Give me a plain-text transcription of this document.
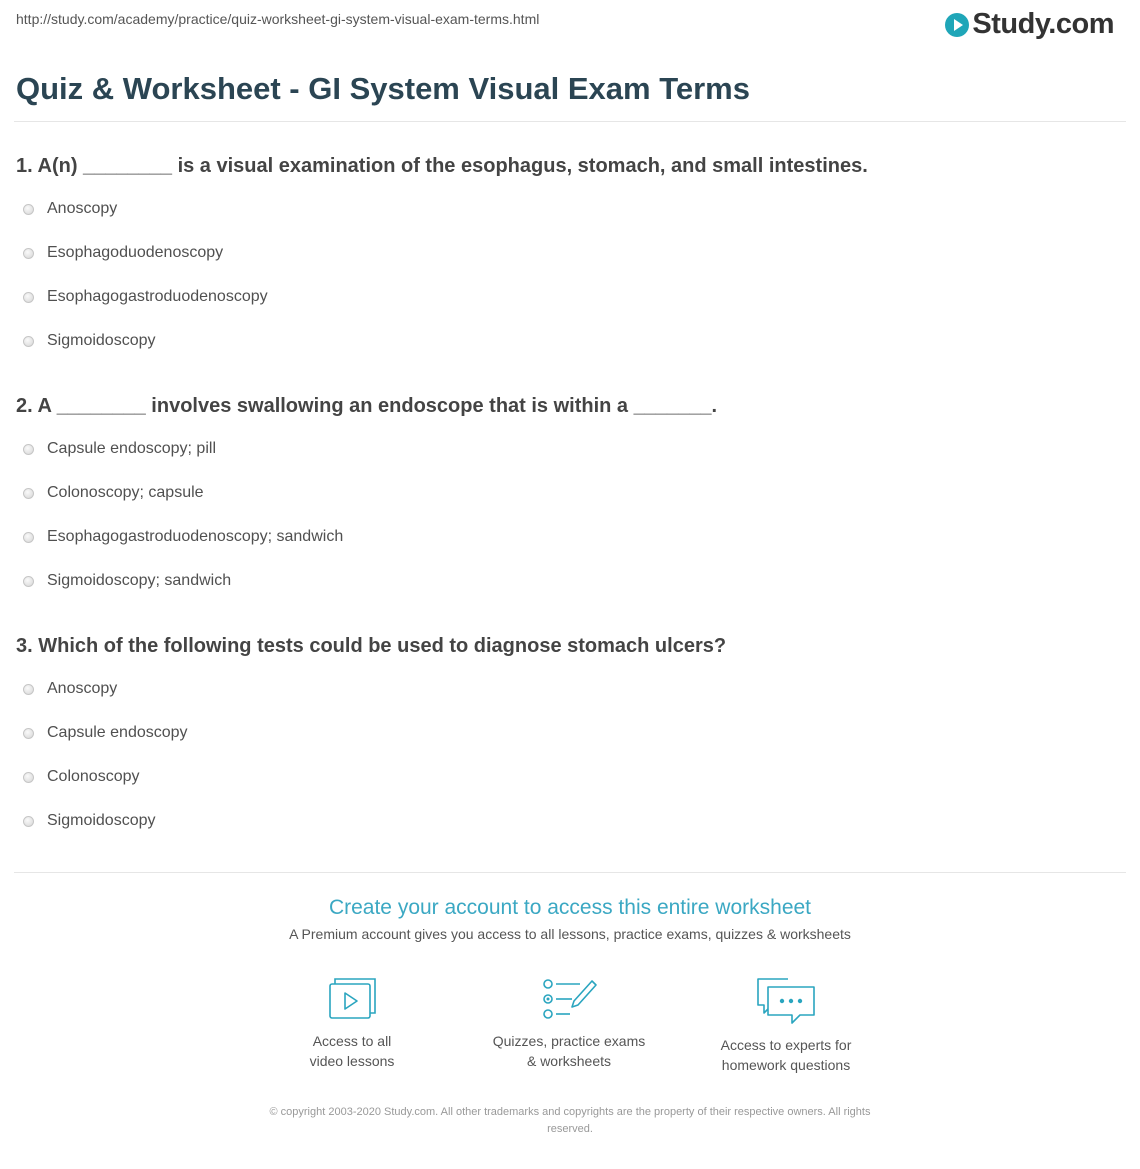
http://study.com/academy/practice/quiz-worksheet-gi-system-visual-exam-terms.html	Study.com
Quiz & Worksheet - GI System Visual Exam Terms
1. A(n) ________ is a visual examination of the esophagus, stomach, and small intestines.
Anoscopy
Esophagoduodenoscopy
Esophagogastroduodenoscopy
Sigmoidoscopy
2. A ________ involves swallowing an endoscope that is within a _______.
Capsule endoscopy; pill
Colonoscopy; capsule
Esophagogastroduodenoscopy; sandwich
Sigmoidoscopy; sandwich
3. Which of the following tests could be used to diagnose stomach ulcers?
Anoscopy
Capsule endoscopy
Colonoscopy
Sigmoidoscopy
Create your account to access this entire worksheet
A Premium account gives you access to all lessons, practice exams, quizzes & worksheets
Access to all
video lessons
Quizzes, practice exams
& worksheets
Access to experts for
homework questions
© copyright 2003-2020 Study.com. All other trademarks and copyrights are the property of their respective owners. All rights
reserved.
